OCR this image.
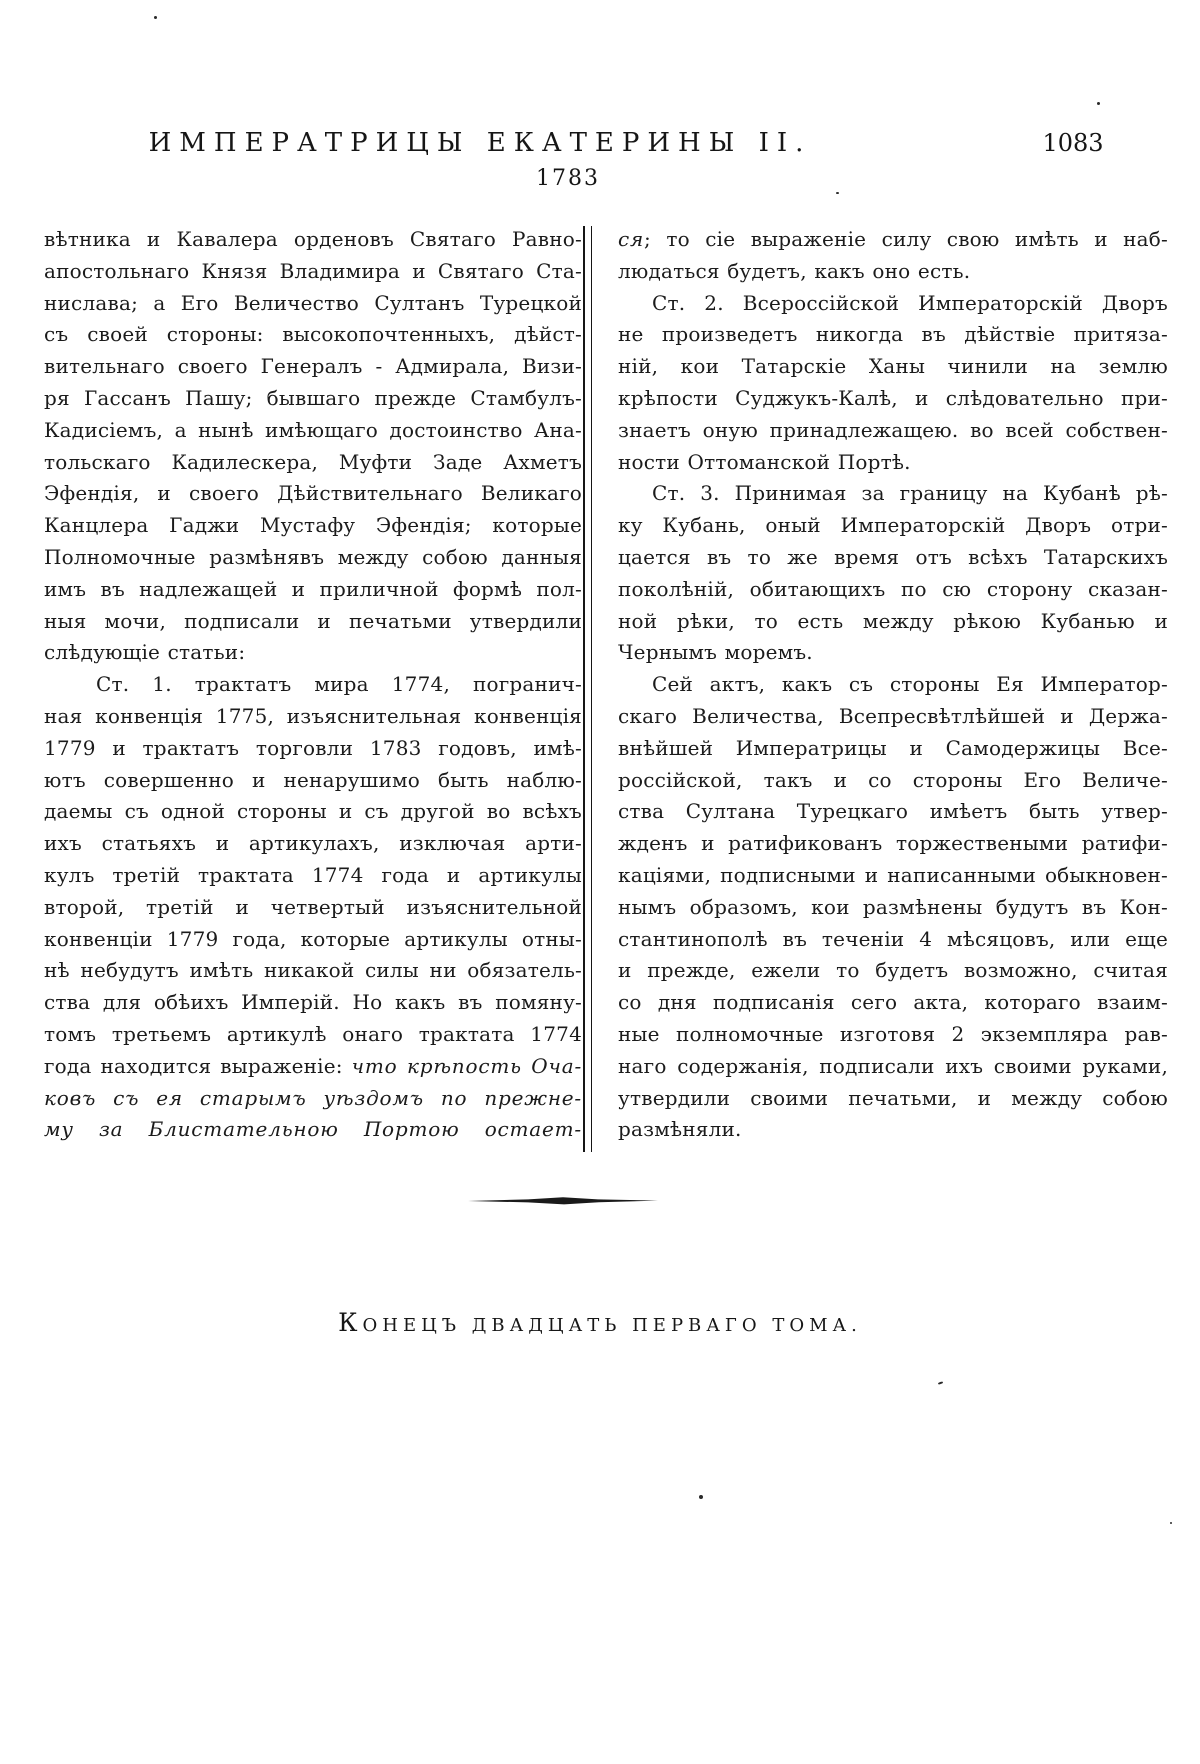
ИМПЕРАТРИЦЫ ЕКАТЕРИНЫ II.	1083
1783
вѣтника и Кавалера орденовъ Святаго Равно-
апостольнаго Князя Владимира и Святаго Ста-
нислава; а Его Величество Султанъ Турецкой
съ своей стороны: высокопочтенныхъ, дѣйст-
вительнаго своего Генералъ - Адмирала, Визи-
ря Гассанъ Пашу; бывшаго прежде Стамбулъ-
Кадисіемъ, а нынѣ имѣющаго достоинство Ана-
тольскаго Кадилескера, Муфти Заде Ахметъ
Эфендія, и своего Дѣйствительнаго Великаго
Канцлера Гаджи Мустафу Эфендія; которые
Полномочные размѣнявъ между собою данныя
имъ въ надлежащей и приличной формѣ пол-
ныя мочи, подписали и печатьми утвердили
слѣдующіе статьи:
Ст. 1. трактатъ мира 1774, погранич-
ная конвенція 1775, изъяснительная конвенція
1779 и трактатъ торговли 1783 годовъ, имѣ-
ютъ совершенно и ненарушимо быть наблю-
даемы съ одной стороны и съ другой во всѣхъ
ихъ статьяхъ и артикулахъ, изключая арти-
кулъ третій трактата 1774 года и артикулы
второй, третій и четвертый изъяснительной
конвенціи 1779 года, которые артикулы отны-
нѣ небудутъ имѣть никакой силы ни обязатель-
ства для обѣихъ Имперій. Но какъ въ помяну-
томъ третьемъ артикулѣ онаго трактата 1774
года находится выраженіе: что крѣпость Оча-
ковъ съ ея старымъ уѣздомъ по прежне-
му за Блистательною Портою остает-
ся; то сіе выраженіе силу свою имѣть и наб-
людаться будетъ, какъ оно есть.
Ст. 2. Всероссійской Императорскій Дворъ
не произведетъ никогда въ дѣйствіе притяза-
ній, кои Татарскіе Ханы чинили на землю
крѣпости Суджукъ-Калѣ, и слѣдовательно при-
знаетъ оную принадлежащею. во всей собствен-
ности Оттоманской Портѣ.
Ст. 3. Принимая за границу на Кубанѣ рѣ-
ку Кубань, оный Императорскій Дворъ отри-
цается въ то же время отъ всѣхъ Татарскихъ
поколѣній, обитающихъ по сю сторону сказан-
ной рѣки, то есть между рѣкою Кубанью и
Чернымъ моремъ.
Сей актъ, какъ съ стороны Ея Император-
скаго Величества, Всепресвѣтлѣйшей и Держа-
внѣйшей Императрицы и Самодержицы Все-
россійской, такъ и со стороны Его Величе-
ства Султана Турецкаго имѣетъ быть утвер-
жденъ и ратификованъ торжествеными ратифи-
каціями, подписными и написанными обыкновен-
нымъ образомъ, кои размѣнены будутъ въ Кон-
стантинополѣ въ теченіи 4 мѣсяцовъ, или еще
и прежде, ежели то будетъ возможно, считая
со дня подписанія сего акта, котораго взаим-
ные полномочные изготовя 2 экземпляра рав-
наго содержанія, подписали ихъ своими руками,
утвердили своими печатьми, и между собою
размѣняли.
КОНЕЦЪ ДВАДЦАТЬ ПЕРВАГО ТОМА.
